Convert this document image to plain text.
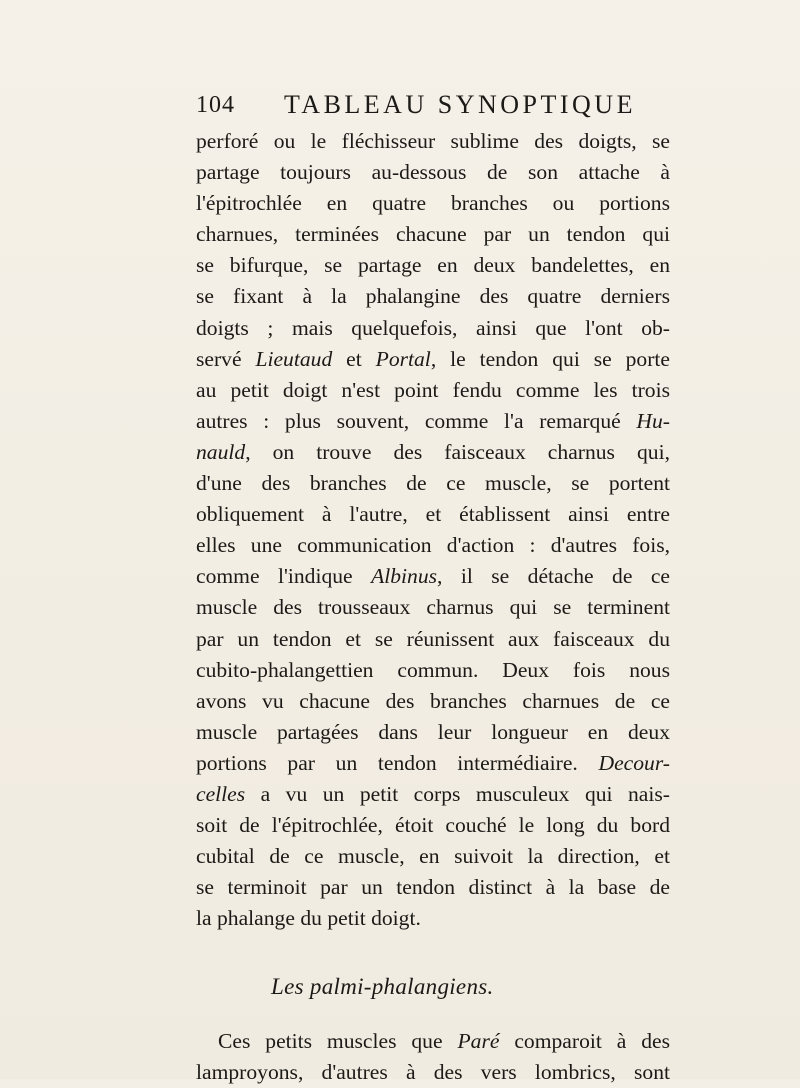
104 TABLEAU SYNOPTIQUE
perforé ou le fléchisseur sublime des doigts, se
partage toujours au-dessous de son attache à
l'épitrochlée en quatre branches ou portions
charnues, terminées chacune par un tendon qui
se bifurque, se partage en deux bandelettes, en
se fixant à la phalangine des quatre derniers
doigts ; mais quelquefois, ainsi que l'ont ob-
servé Lieutaud et Portal, le tendon qui se porte
au petit doigt n'est point fendu comme les trois
autres : plus souvent, comme l'a remarqué Hu-
nauld, on trouve des faisceaux charnus qui,
d'une des branches de ce muscle, se portent
obliquement à l'autre, et établissent ainsi entre
elles une communication d'action : d'autres fois,
comme l'indique Albinus, il se détache de ce
muscle des trousseaux charnus qui se terminent
par un tendon et se réunissent aux faisceaux du
cubito-phalangettien commun. Deux fois nous
avons vu chacune des branches charnues de ce
muscle partagées dans leur longueur en deux
portions par un tendon intermédiaire. Decour-
celles a vu un petit corps musculeux qui nais-
soit de l'épitrochlée, étoit couché le long du bord
cubital de ce muscle, en suivoit la direction, et
se terminoit par un tendon distinct à la base de
la phalange du petit doigt.
Les palmi-phalangiens.
Ces petits muscles que Paré comparoit à des
lamproyons, d'autres à des vers lombrics, sont
